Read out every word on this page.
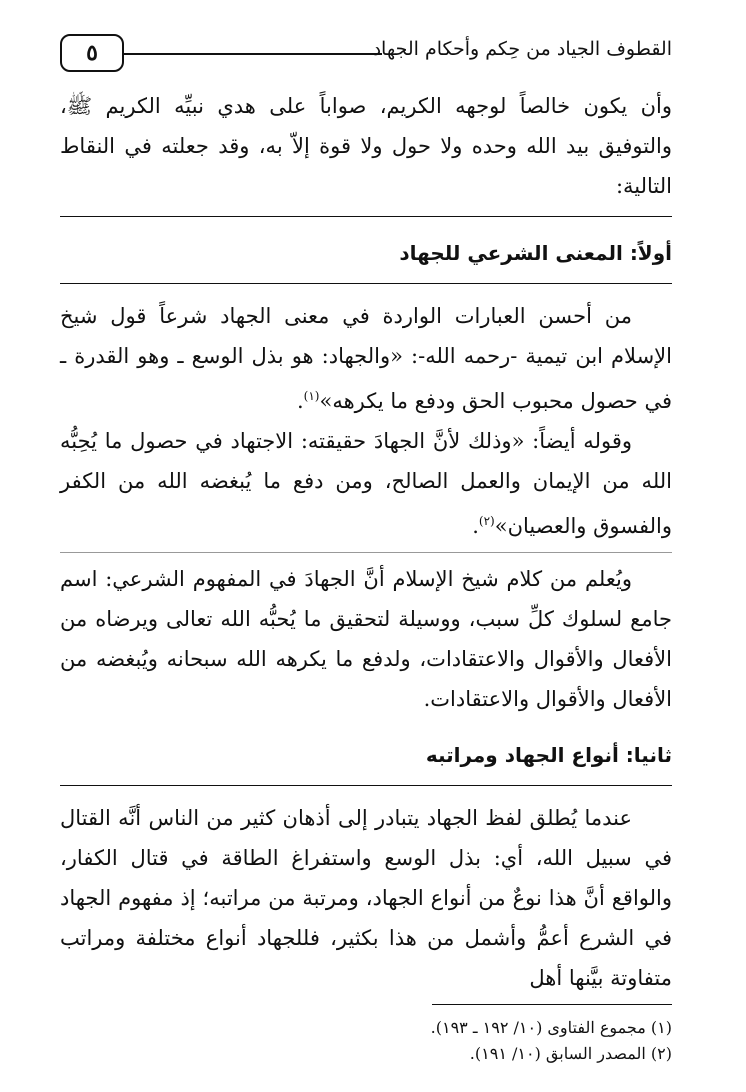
القطوف الجياد من حِكم وأحكام الجهاد
٥

وأن يكون خالصاً لوجهه الكريم، صواباً على هدي نبيِّه الكريم ﷺ، والتوفيق بيد الله وحده ولا حول ولا قوة إلاّ به، وقد جعلته في النقاط التالية:

أولاً: المعنى الشرعي للجهاد

من أحسن العبارات الواردة في معنى الجهاد شرعاً قول شيخ الإسلام ابن تيمية -رحمه الله-: «والجهاد: هو بذل الوسع ـ وهو القدرة ـ في حصول محبوب الحق ودفع ما يكرهه»$^{(١)}$.

وقوله أيضاً: «وذلك لأنَّ الجهادَ حقيقته: الاجتهاد في حصول ما يُحِبُّه الله من الإيمان والعمل الصالح، ومن دفع ما يُبغضه الله من الكفر والفسوق والعصيان»$^{(٢)}$.

ويُعلم من كلام شيخ الإسلام أنَّ الجهادَ في المفهوم الشرعي: اسم جامع لسلوك كلِّ سبب، ووسيلة لتحقيق ما يُحبُّه الله تعالى ويرضاه من الأفعال والأقوال والاعتقادات، ولدفع ما يكرهه الله سبحانه ويُبغضه من الأفعال والأقوال والاعتقادات.

ثانيا: أنواع الجهاد ومراتبه

عندما يُطلق لفظ الجهاد يتبادر إلى أذهان كثير من الناس أنَّه القتال في سبيل الله، أي: بذل الوسع واستفراغ الطاقة في قتال الكفار، والواقع أنَّ هذا نوعٌ من أنواع الجهاد، ومرتبة من مراتبه؛ إذ مفهوم الجهاد في الشرع أعمُّ وأشمل من هذا بكثير، فللجهاد أنواع مختلفة ومراتب متفاوتة بيَّنها أهل

(١) مجموع الفتاوى (١٠/ ١٩٢ ـ ١٩٣).

(٢) المصدر السابق (١٠/ ١٩١).
